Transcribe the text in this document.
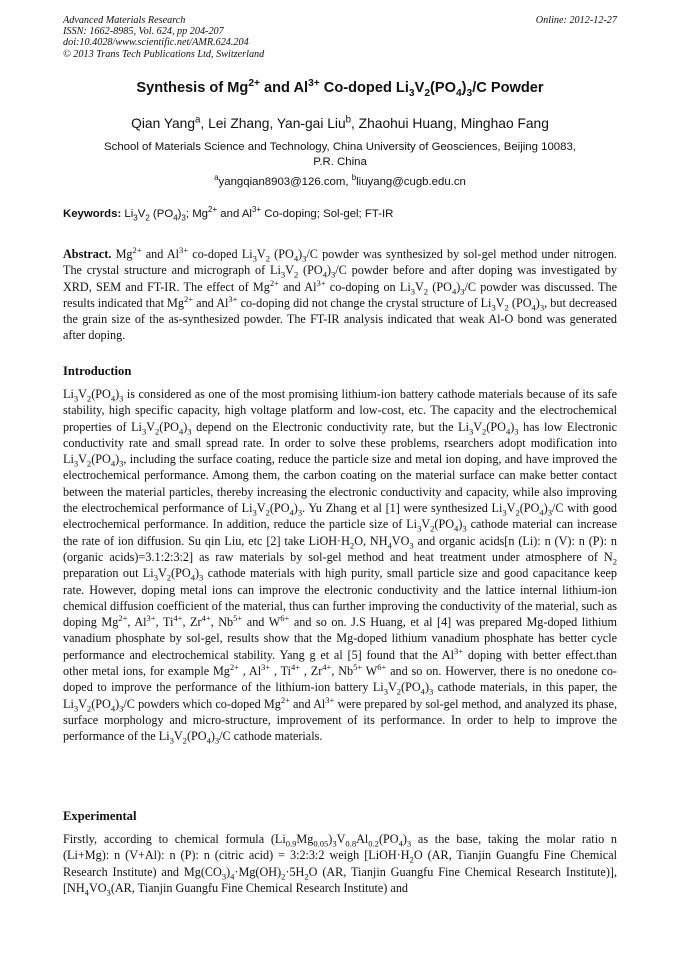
Advanced Materials Research	Online: 2012-12-27
ISSN: 1662-8985, Vol. 624, pp 204-207
doi:10.4028/www.scientific.net/AMR.624.204
© 2013 Trans Tech Publications Ltd, Switzerland
Synthesis of $Mg^{2+}$ and $Al^{3+}$ Co-doped $Li_3V_2(PO_4)_3/C$ Powder
Qian Yang$^a$, Lei Zhang, Yan-gai Liu$^b$, Zhaohui Huang, Minghao Fang
School of Materials Science and Technology, China University of Geosciences, Beijing 10083,
P.R. China
$^a$yangqian8903@126.com, $^b$liuyang@cugb.edu.cn
Keywords: $Li_3V_2$ $(PO_4)_3$; $Mg^{2+}$ and $Al^{3+}$ Co-doping; Sol-gel; FT-IR
Abstract. $Mg^{2+}$ and $Al^{3+}$ co-doped $Li_3V_2$ $(PO_4)_3/C$ powder was synthesized by sol-gel method under nitrogen. The crystal structure and micrograph of $Li_3V_2$ $(PO_4)_3/C$ powder before and after doping was investigated by XRD, SEM and FT-IR. The effect of $Mg^{2+}$ and $Al^{3+}$ co-doping on $Li_3V_2$ $(PO_4)_3/C$ powder was discussed. The results indicated that $Mg^{2+}$ and $Al^{3+}$ co-doping did not change the crystal structure of $Li_3V_2$ $(PO_4)_3$, but decreased the grain size of the as-synthesized powder. The FT-IR analysis indicated that weak Al-O bond was generated after doping.
Introduction
$Li_3V_2(PO_4)_3$ is considered as one of the most promising lithium-ion battery cathode materials because of its safe stability, high specific capacity, high voltage platform and low-cost, etc. The capacity and the electrochemical properties of $Li_3V_2(PO_4)_3$ depend on the Electronic conductivity rate, but the $Li_3V_2(PO_4)_3$ has low Electronic conductivity rate and small spread rate. In order to solve these problems, rsearchers adopt modification into $Li_3V_2(PO_4)_3$, including the surface coating, reduce the particle size and metal ion doping, and have improved the electrochemical performance. Among them, the carbon coating on the material surface can make better contact between the material particles, thereby increasing the electronic conductivity and capacity, while also improving the electrochemical performance of $Li_3V_2(PO_4)_3$. Yu Zhang et al [1] were synthesized $Li_3V_2(PO_4)_3/C$ with good electrochemical performance. In addition, reduce the particle size of $Li_3V_2(PO_4)_3$ cathode material can increase the rate of ion diffusion. Su qin Liu, etc [2] take $LiOH\cdot H_2O$, $NH_4VO_3$ and organic acids[n (Li): n (V): n (P): n (organic acids)=3.1:2:3:2] as raw materials by sol-gel method and heat treatment under atmosphere of $N_2$ preparation out $Li_3V_2(PO_4)_3$ cathode materials with high purity, small particle size and good capacitance keep rate. However, doping metal ions can improve the electronic conductivity and the lattice internal lithium-ion chemical diffusion coefficient of the material, thus can further improving the conductivity of the material, such as doping $Mg^{2+}$, $Al^{3+}$, $Ti^{4+}$, $Zr^{4+}$, $Nb^{5+}$ and $W^{6+}$ and so on. J.S Huang, et al [4] was prepared Mg-doped lithium vanadium phosphate by sol-gel, results show that the Mg-doped lithium vanadium phosphate has better cycle performance and electrochemical stability. Yang g et al [5] found that the $Al^{3+}$ doping with better effect.than other metal ions, for example $Mg^{2+}$ , $Al^{3+}$ , $Ti^{4+}$ , $Zr^{4+}$, $Nb^{5+}$ $W^{6+}$ and so on. Howerver, there is no onedone co-doped to improve the performance of the lithium-ion battery $Li_3V_2(PO_4)_3$ cathode materials, in this paper, the $Li_3V_2(PO_4)_3/C$ powders which co-doped $Mg^{2+}$ and $Al^{3+}$ were prepared by sol-gel method, and analyzed its phase, surface morphology and micro-structure, improvement of its performance. In order to help to improve the performance of the $Li_3V_2(PO_4)_3/C$ cathode materials.
Experimental
Firstly, according to chemical formula $(Li_{0.9}Mg_{0.05})_3V_{0.8}Al_{0.2}(PO_4)_3$ as the base, taking the molar ratio n (Li+Mg): n (V+Al): n (P): n (citric acid) = 3:2:3:2 weigh [$LiOH\cdot H_2O$ (AR, Tianjin Guangfu Fine Chemical Research Institute) and $Mg(CO_3)_4\cdot Mg(OH)_2\cdot 5H_2O$ (AR, Tianjin Guangfu Fine Chemical Research Institute)], [$NH_4VO_3(AR$, Tianjin Guangfu Fine Chemical Research Institute) and
